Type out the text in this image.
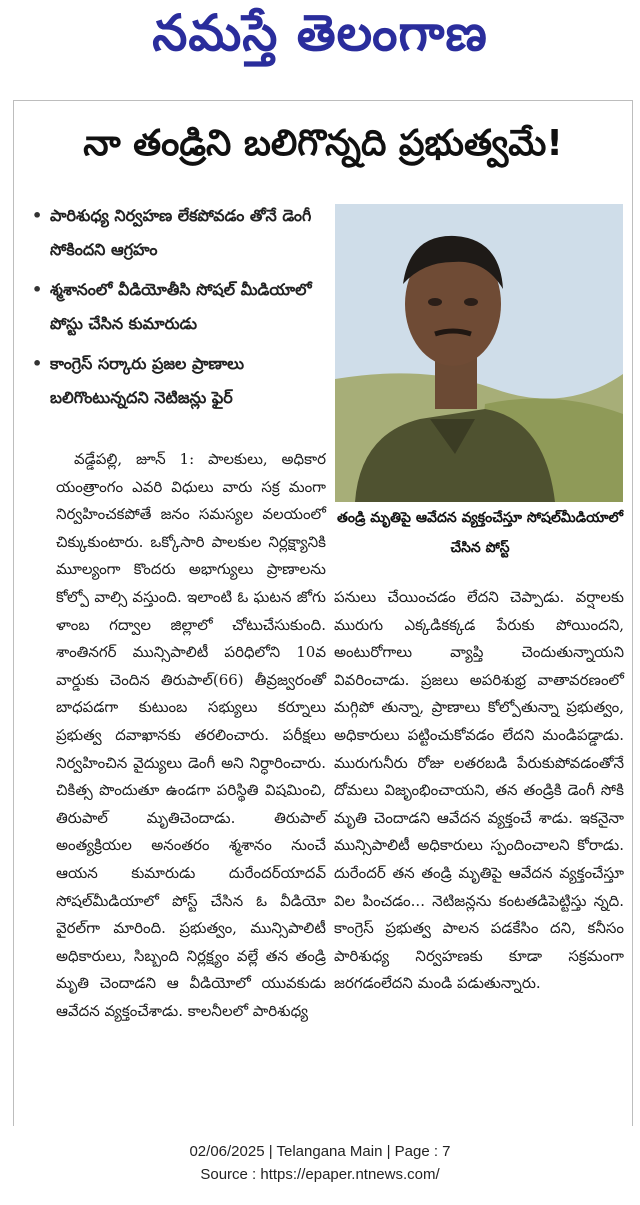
నమస్తే తెలంగాణ
నా తండ్రిని బలిగొన్నది ప్రభుత్వమే!
• పారిశుధ్య నిర్వహణ లేకపోవడం తోనే డెంగీ సోకిందని ఆగ్రహం
• శ్మశానంలో వీడియోతీసి సోషల్ మీడియాలో పోస్టు చేసిన కుమారుడు
• కాంగ్రెస్ సర్కారు ప్రజల ప్రాణాలు బలిగొంటున్నదని నెటిజన్లు ఫైర్
తండ్రి మృతిపై ఆవేదన వ్యక్తంచేస్తూ సోషల్‌మీడియాలో చేసిన పోస్ట్

వడ్డేపల్లి, జూన్ 1: పాలకులు, అధికార యంత్రాంగం ఎవరి విధులు వారు సక్ర మంగా నిర్వహించకపోతే జనం సమస్యల వలయంలో చిక్కుకుంటారు. ఒక్కోసారి పాలకుల నిర్లక్ష్యానికి మూల్యంగా కొందరు అభాగ్యులు ప్రాణాలను కోల్పో వాల్సి వస్తుంది. ఇలాంటి ఓ ఘటన జోగు ళాంబ గద్వాల జిల్లాలో చోటుచేసుకుంది. శాంతినగర్ మున్సిపాలిటీ పరిధిలోని 10వ వార్డుకు చెందిన తిరుపాల్(66) తీవ్రజ్వరంతో బాధపడగా కుటుంబ సభ్యులు కర్నూలు ప్రభుత్వ దవాఖానకు తరలించారు. పరీక్షలు నిర్వహించిన వైద్యులు డెంగీ అని నిర్ధారించారు. చికిత్స పొందుతూ ఉండగా పరిస్థితి విషమించి, తిరుపాల్ మృతిచెందాడు. తిరుపాల్ అంత్యక్రియల అనంతరం శ్మశానం నుంచే ఆయన కుమారుడు దురేందర్‌యాదవ్ సోషల్‌మీడియాలో పోస్ట్ చేసిన ఓ వీడియో వైరల్‌గా మారింది. ప్రభుత్వం, మున్సిపాలిటీ అధికారులు, సిబ్బంది నిర్లక్ష్యం వల్లే తన తండ్రి మృతి చెందాడని ఆ వీడియోలో యువకుడు ఆవేదన వ్యక్తంచేశాడు. కాలనీలలో పారిశుధ్య

పనులు చేయించడం లేదని చెప్పాడు. వర్షాలకు మురుగు ఎక్కడికక్కడ పేరుకు పోయిందని, అంటురోగాలు వ్యాప్తి చెందుతున్నాయని వివరించాడు. ప్రజలు అపరిశుభ్ర వాతావరణంలో మగ్గిపో తున్నా, ప్రాణాలు కోల్పోతున్నా ప్రభుత్వం, అధికారులు పట్టించుకోవడం లేదని మండిపడ్డాడు. మురుగునీరు రోజు లతరబడి పేరుకుపోవడంతోనే దోమలు విజృంభించాయని, తన తండ్రికి డెంగీ సోకి మృతి చెందాడని ఆవేదన వ్యక్తంచే శాడు. ఇకనైనా మున్సిపాలిటీ అధికారులు స్పందించాలని కోరాడు. దురేందర్ తన తండ్రి మృతిపై ఆవేదన వ్యక్తంచేస్తూ విల పించడం... నెటిజన్లను కంటతడిపెట్టిస్తు న్నది. కాంగ్రెస్ ప్రభుత్వ పాలన పడకేసిం దని, కనీసం పారిశుధ్య నిర్వహణకు కూడా సక్రమంగా జరగడంలేదని మండి పడుతున్నారు.

02/06/2025 | Telangana Main | Page : 7
Source : https://epaper.ntnews.com/
